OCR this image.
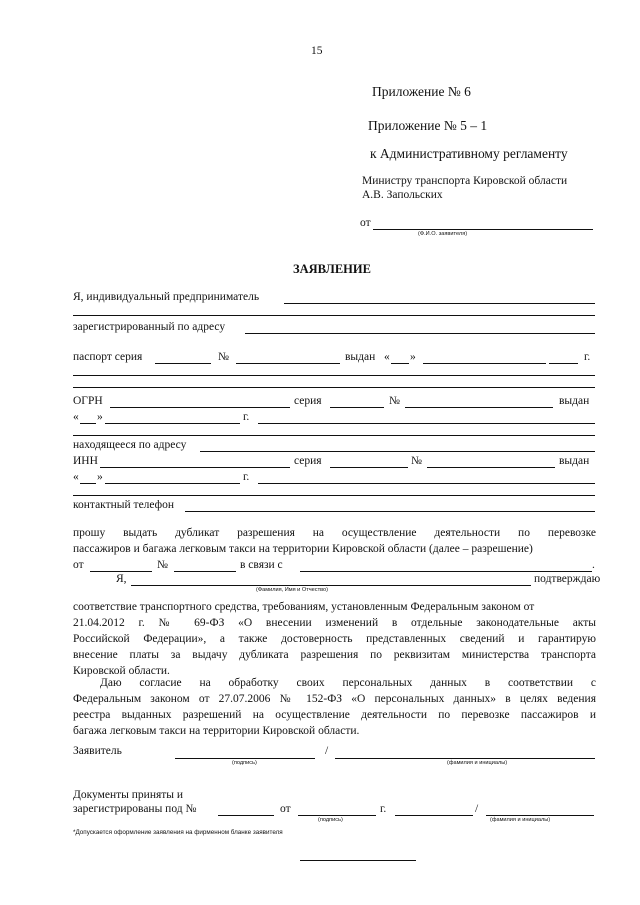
15
Приложение № 6
Приложение № 5 – 1
к Административному регламенту
Министру транспорта Кировской области
А.В. Запольских
от
(Ф.И.О. заявителя)
ЗАЯВЛЕНИЕ
Я, индивидуальный предприниматель
зарегистрированный по адресу
паспорт серия	№	выдан « »	г.
ОГРН	серия	№	выдан
« »	г.
находящееся по адресу
ИНН	серия	№	выдан
« »	г.
контактный телефон
прошу выдать дубликат разрешения на осуществление деятельности по перевозке
пассажиров и багажа легковым такси на территории Кировской области (далее – разрешение)
от	№	в связи с	.
Я,
(Фамилия, Имя и Отчество)
подтверждаю
соответствие транспортного средства, требованиям, установленным Федеральным законом от
21.04.2012 г. № 69-ФЗ «О внесении изменений в отдельные законодательные акты
Российской Федерации», а также достоверность представленных сведений и гарантирую
внесение платы за выдачу дубликата разрешения по реквизитам министерства транспорта
Кировской области.
Даю согласие на обработку своих персональных данных в соответствии с
Федеральным законом от 27.07.2006 № 152-ФЗ «О персональных данных» в целях ведения
реестра выданных разрешений на осуществление деятельности по перевозке пассажиров и
багажа легковым такси на территории Кировской области.
Заявитель
(подпись)
/
(фамилия и инициалы)
Документы приняты и
зарегистрированы под №	от	г.
(подпись)
/
(фамилия и инициалы)
*Допускается оформление заявления на фирменном бланке заявителя
